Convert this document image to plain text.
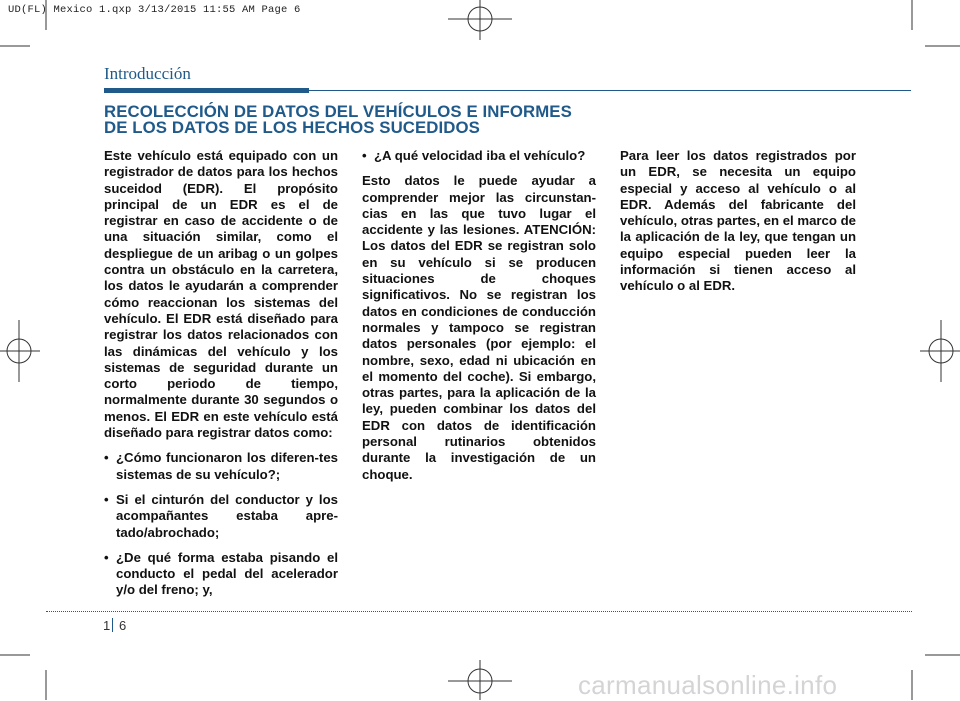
UD(FL) Mexico 1.qxp 3/13/2015 11:55 AM Page 6
Introducción
RECOLECCIÓN DE DATOS DEL VEHÍCULOS E INFORMES
DE LOS DATOS DE LOS HECHOS SUCEDIDOS

Este vehículo está equipado con un registrador de datos para los hechos suceidod (EDR). El propósito principal de un EDR es el de registrar en caso de accidente o de una situación similar, como el despliegue de un aribag o un golpes contra un obstáculo en la carretera, los datos le ayudarán a comprender cómo reaccionan los sistemas del vehículo. El EDR está diseñado para registrar los datos relacionados con las dinámicas del vehículo y los sistemas de seguridad durante un corto periodo de tiempo, normalmente durante 30 segundos o menos. El EDR en este vehículo está diseñado para registrar datos como:

• ¿Cómo funcionaron los diferen-tes sistemas de su vehículo?;
• Si el cinturón del conductor y los acompañantes estaba apre-tado/abrochado;
• ¿De qué forma estaba pisando el conducto el pedal del acelerador y/o del freno; y,
• ¿A qué velocidad iba el vehículo?

Esto datos le puede ayudar a comprender mejor las circunstan-cias en las que tuvo lugar el accidente y las lesiones. ATENCIÓN: Los datos del EDR se registran solo en su vehículo si se producen situaciones de choques significativos. No se registran los datos en condiciones de conducción normales y tampoco se registran datos personales (por ejemplo: el nombre, sexo, edad ni ubicación en el momento del coche). Si embargo, otras partes, para la aplicación de la ley, pueden combinar los datos del EDR con datos de identificación personal rutinarios obtenidos durante la investigación de un choque.

Para leer los datos registrados por un EDR, se necesita un equipo especial y acceso al vehículo o al EDR. Además del fabricante del vehículo, otras partes, en el marco de la aplicación de la ley, que tengan un equipo especial pueden leer la información si tienen acceso al vehículo o al EDR.

1 6
carmanualsonline.info
